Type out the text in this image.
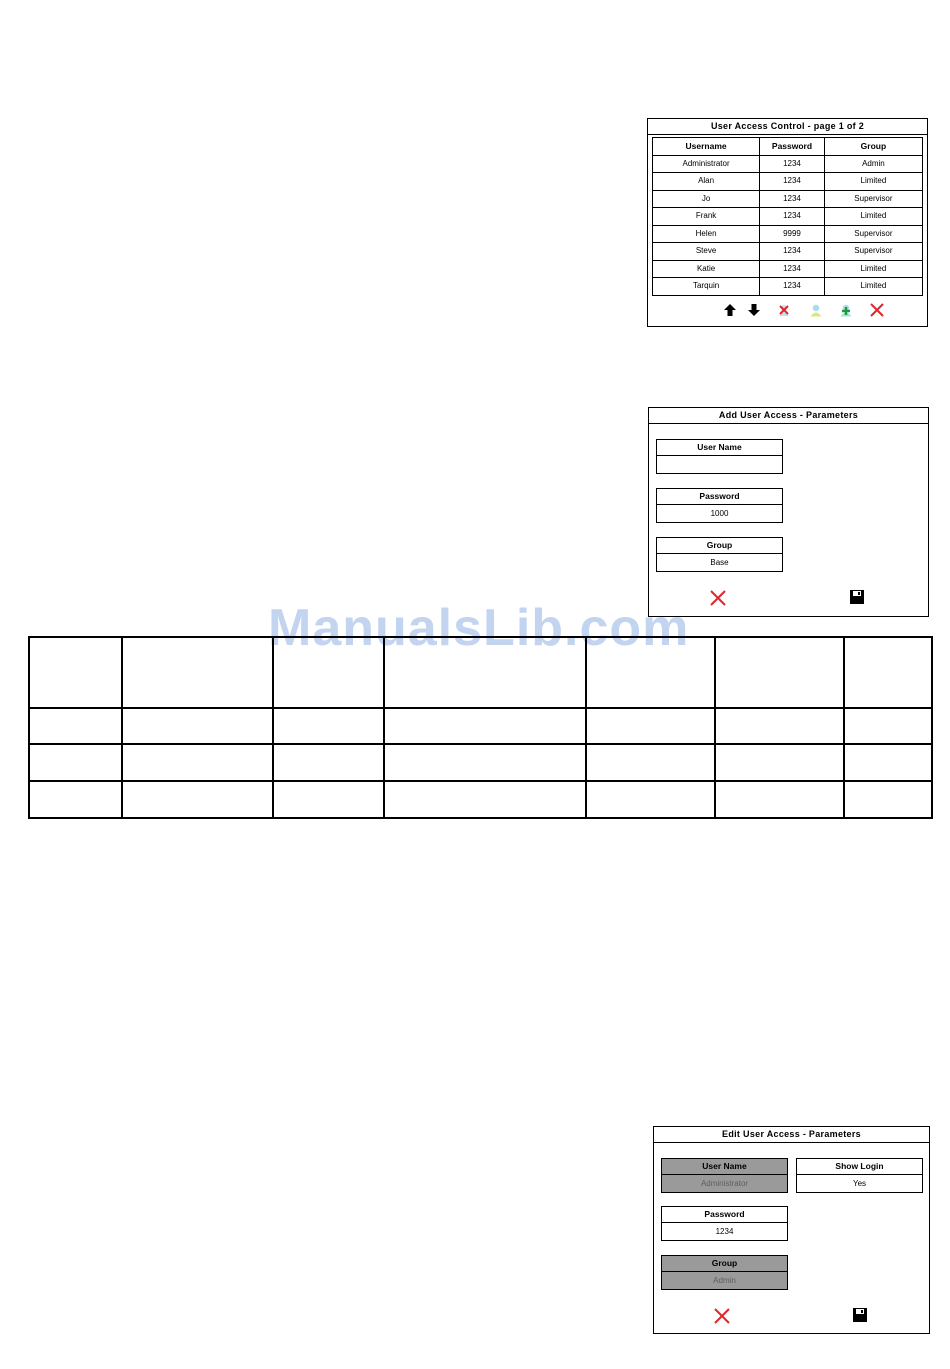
User Access Control - page 1 of 2
Username	Password	Group
Administrator	1234	Admin
Alan	1234	Limited
Jo	1234	Supervisor
Frank	1234	Limited
Helen	9999	Supervisor
Steve	1234	Supervisor
Katie	1234	Limited
Tarquin	1234	Limited
Add User Access - Parameters
User Name
Password
1000
Group
Base
ManualsLib.com

Edit User Access - Parameters
User Name
Administrator
Show Login
Yes
Password
1234
Group
Admin
